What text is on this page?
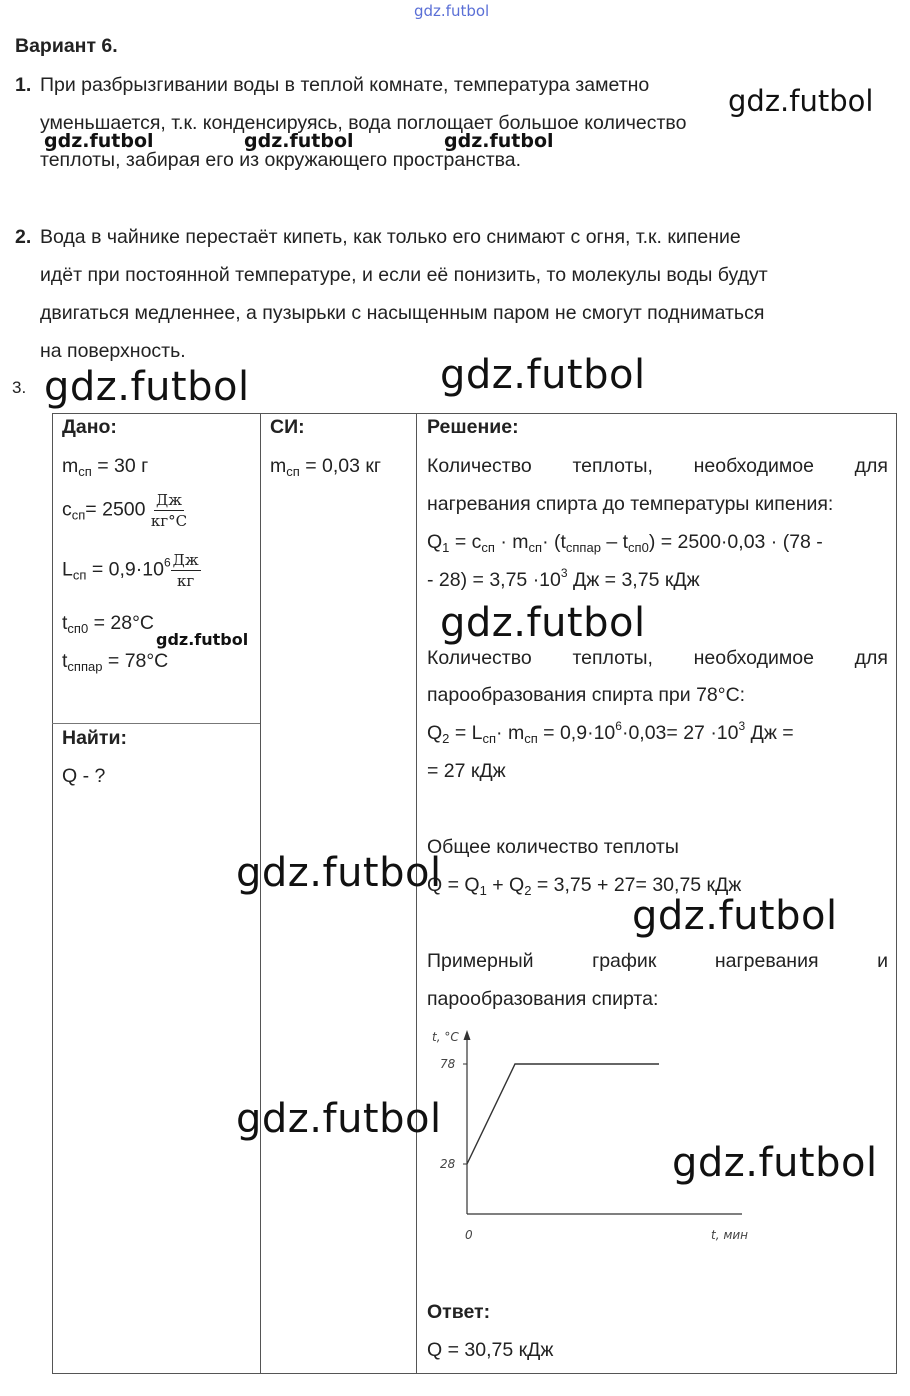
gdz.futbol
Вариант 6.
1. При разбрызгивании воды в теплой комнате, температура заметно
уменьшается, т.к. конденсируясь, вода поглощает большое количество
теплоты, забирая его из окружающего пространства.
gdz.futbol
gdz.futbol	gdz.futbol	gdz.futbol
2. Вода в чайнике перестаёт кипеть, как только его снимают с огня, т.к. кипение
идёт при постоянной температуре, и если её понизить, то молекулы воды будут
двигаться медленнее, а пузырьки с насыщенным паром не смогут подниматься
на поверхность.
3. gdz.futbol	gdz.futbol
Дано:
$m_{сп} = 30$ г
$c_{сп}= 2500 \frac{Дж}{кг^\circ C}$
$L_{сп} = 0,9\cdot 10^6 \frac{Дж}{кг}$
$t_{сп0} = 28^\circ C$
gdz.futbol
$t_{сппар} = 78^\circ C$
Найти:
Q - ?
СИ:
$m_{сп} = 0,03$ кг
Решение:
Количество теплоты, необходимое для
нагревания спирта до температуры кипения:
$Q_1 = c_{сп} \cdot m_{сп}\cdot (t_{сппар} - t_{сп0}) = 2500\cdot 0,03 \cdot (78$ -
- $28) = 3,75 \cdot 10^3$ Дж = 3,75 кДж
gdz.futbol
Количество теплоты, необходимое для
парообразования спирта при 78°C:
$Q_2 = L_{сп}\cdot m_{сп} = 0,9\cdot 10^6\cdot 0,03= 27 \cdot 10^3$ Дж =
= 27 кДж
Общее количество теплоты
$Q = Q_1 + Q_2 = 3,75 + 27= 30,75$ кДж
gdz.futbol
gdz.futbol
Примерный	график	нагревания	и
парообразования спирта:
t, °C
t, мин
0
28
78
gdz.futbol
gdz.futbol
Ответ:
Q = 30,75 кДж
